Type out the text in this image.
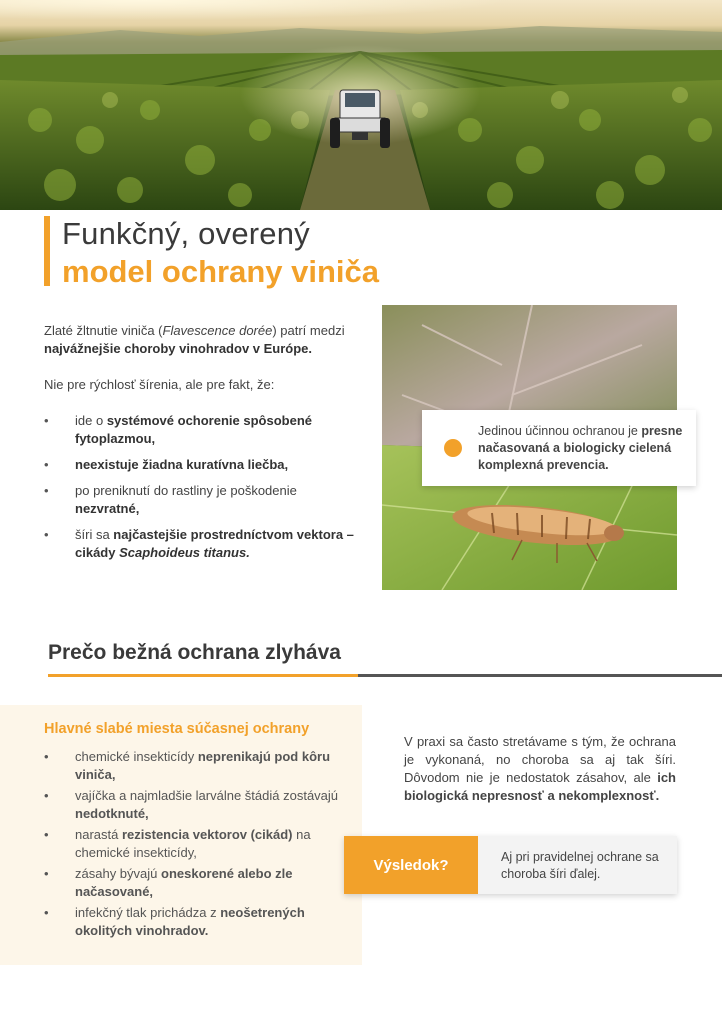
Funkčný, overený
model ochrany viniča

Zlaté žltnutie viniča (Flavescence dorée) patrí medzi najvážnejšie choroby vinohradov v Európe.

Nie pre rýchlosť šírenia, ale pre fakt, že:

• ide o systémové ochorenie spôsobené fytoplazmou,
• neexistuje žiadna kuratívna liečba,
• po preniknutí do rastliny je poškodenie nezvratné,
• šíri sa najčastejšie prostredníctvom vektora – cikády Scaphoideus titanus.
Jedinou účinnou ochranou je presne načasovaná a biologicky cielená komplexná prevencia.
Prečo bežná ochrana zlyháva
Hlavné slabé miesta súčasnej ochrany
• chemické insekticídy neprenikajú pod kôru viniča,
• vajíčka a najmladšie larválne štádiá zostávajú nedotknuté,
• narastá rezistencia vektorov (cikád) na chemické insekticídy,
• zásahy bývajú oneskorené alebo zle načasované,
• infekčný tlak prichádza z neošetrených okolitých vinohradov.

V praxi sa často stretávame s tým, že ochrana je vykonaná, no choroba sa aj tak šíri. Dôvodom nie je nedostatok zásahov, ale ich biologická nepresnosť a nekomplexnosť.

Výsledok?	Aj pri pravidelnej ochrane sa choroba šíri ďalej.
